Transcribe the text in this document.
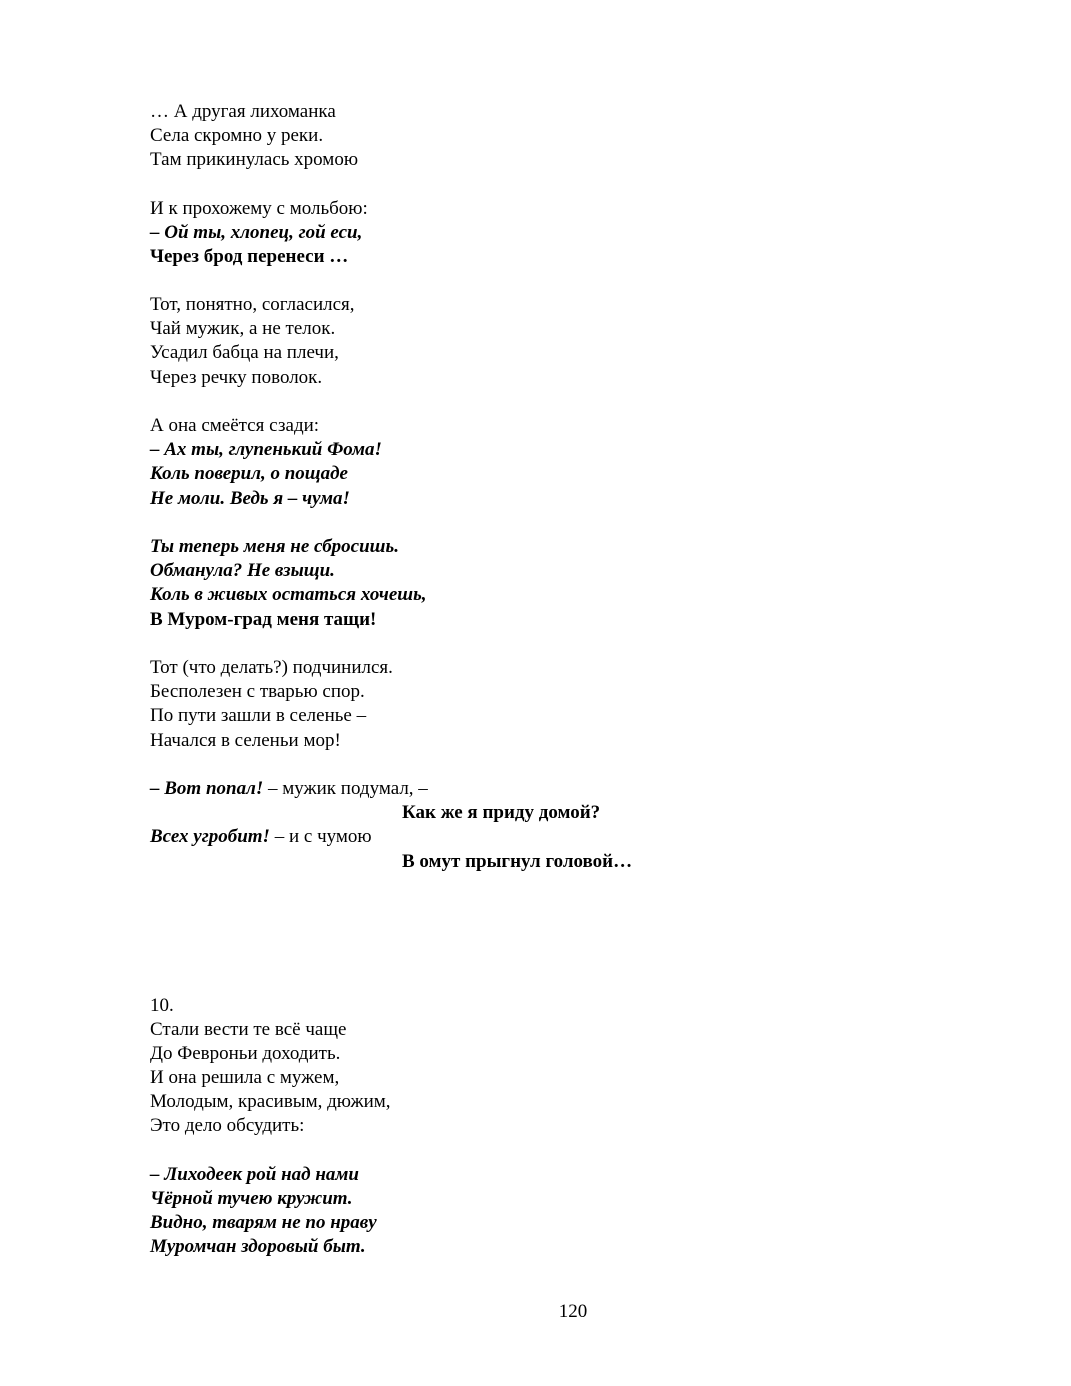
… А другая лихоманка
Села скромно у реки.
Там прикинулась хромою
И к прохожему с мольбою:
– Ой ты, хлопец, гой еси,
Через брод перенеси …
Тот, понятно, согласился,
Чай мужик, а не телок.
Усадил бабца на плечи,
Через речку поволок.
А она смеётся сзади:
– Ах ты, глупенький Фома!
Коль поверил, о пощаде
Не моли. Ведь я – чума!
Ты теперь меня не сбросишь.
Обманула? Не взыщи.
Коль в живых остаться хочешь,
В Муром-град меня тащи!
Тот (что делать?) подчинился.
Бесполезен с тварью спор.
По пути зашли в селенье –
Начался в селеньи мор!
– Вот попал! – мужик подумал, –
Как же я приду домой?
Всех угробит! – и с чумою
В омут прыгнул головой…
10.
Стали вести те всё чаще
До Февроньи доходить.
И она решила с мужем,
Молодым, красивым, дюжим,
Это дело обсудить:
– Лиходеек рой над нами
Чёрной тучею кружит.
Видно, тварям не по нраву
Муромчан здоровый быт.
120
